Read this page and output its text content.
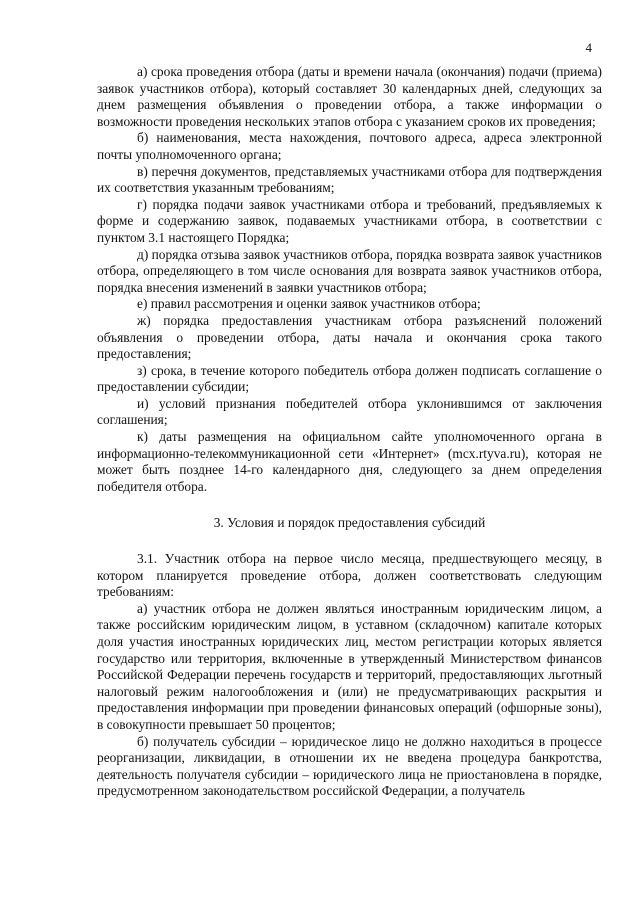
4

а) срока проведения отбора (даты и времени начала (окончания) подачи (приема) заявок участников отбора), который составляет 30 календарных дней, следующих за днем размещения объявления о проведении отбора, а также информации о возможности проведения нескольких этапов отбора с указанием сроков их проведения;

б) наименования, места нахождения, почтового адреса, адреса электронной почты уполномоченного органа;

в) перечня документов, представляемых участниками отбора для подтверждения их соответствия указанным требованиям;

г) порядка подачи заявок участниками отбора и требований, предъявляемых к форме и содержанию заявок, подаваемых участниками отбора, в соответствии с пунктом 3.1 настоящего Порядка;

д) порядка отзыва заявок участников отбора, порядка возврата заявок участников отбора, определяющего в том числе основания для возврата заявок участников отбора, порядка внесения изменений в заявки участников отбора;

е) правил рассмотрения и оценки заявок участников отбора;

ж) порядка предоставления участникам отбора разъяснений положений объявления о проведении отбора, даты начала и окончания срока такого предоставления;

з) срока, в течение которого победитель отбора должен подписать соглашение о предоставлении субсидии;

и) условий признания победителей отбора уклонившимся от заключения соглашения;

к) даты размещения на официальном сайте уполномоченного органа в информационно-телекоммуникационной сети «Интернет» (mcx.rtyva.ru), которая не может быть позднее 14-го календарного дня, следующего за днем определения победителя отбора.

3. Условия и порядок предоставления субсидий

3.1. Участник отбора на первое число месяца, предшествующего месяцу, в котором планируется проведение отбора, должен соответствовать следующим требованиям:

а) участник отбора не должен являться иностранным юридическим лицом, а также российским юридическим лицом, в уставном (складочном) капитале которых доля участия иностранных юридических лиц, местом регистрации которых является государство или территория, включенные в утвержденный Министерством финансов Российской Федерации перечень государств и территорий, предоставляющих льготный налоговый режим налогообложения и (или) не предусматривающих раскрытия и предоставления информации при проведении финансовых операций (офшорные зоны), в совокупности превышает 50 процентов;

б) получатель субсидии – юридическое лицо не должно находиться в процессе реорганизации, ликвидации, в отношении их не введена процедура банкротства, деятельность получателя субсидии – юридического лица не приостановлена в порядке, предусмотренном законодательством российской Федерации, а получатель
